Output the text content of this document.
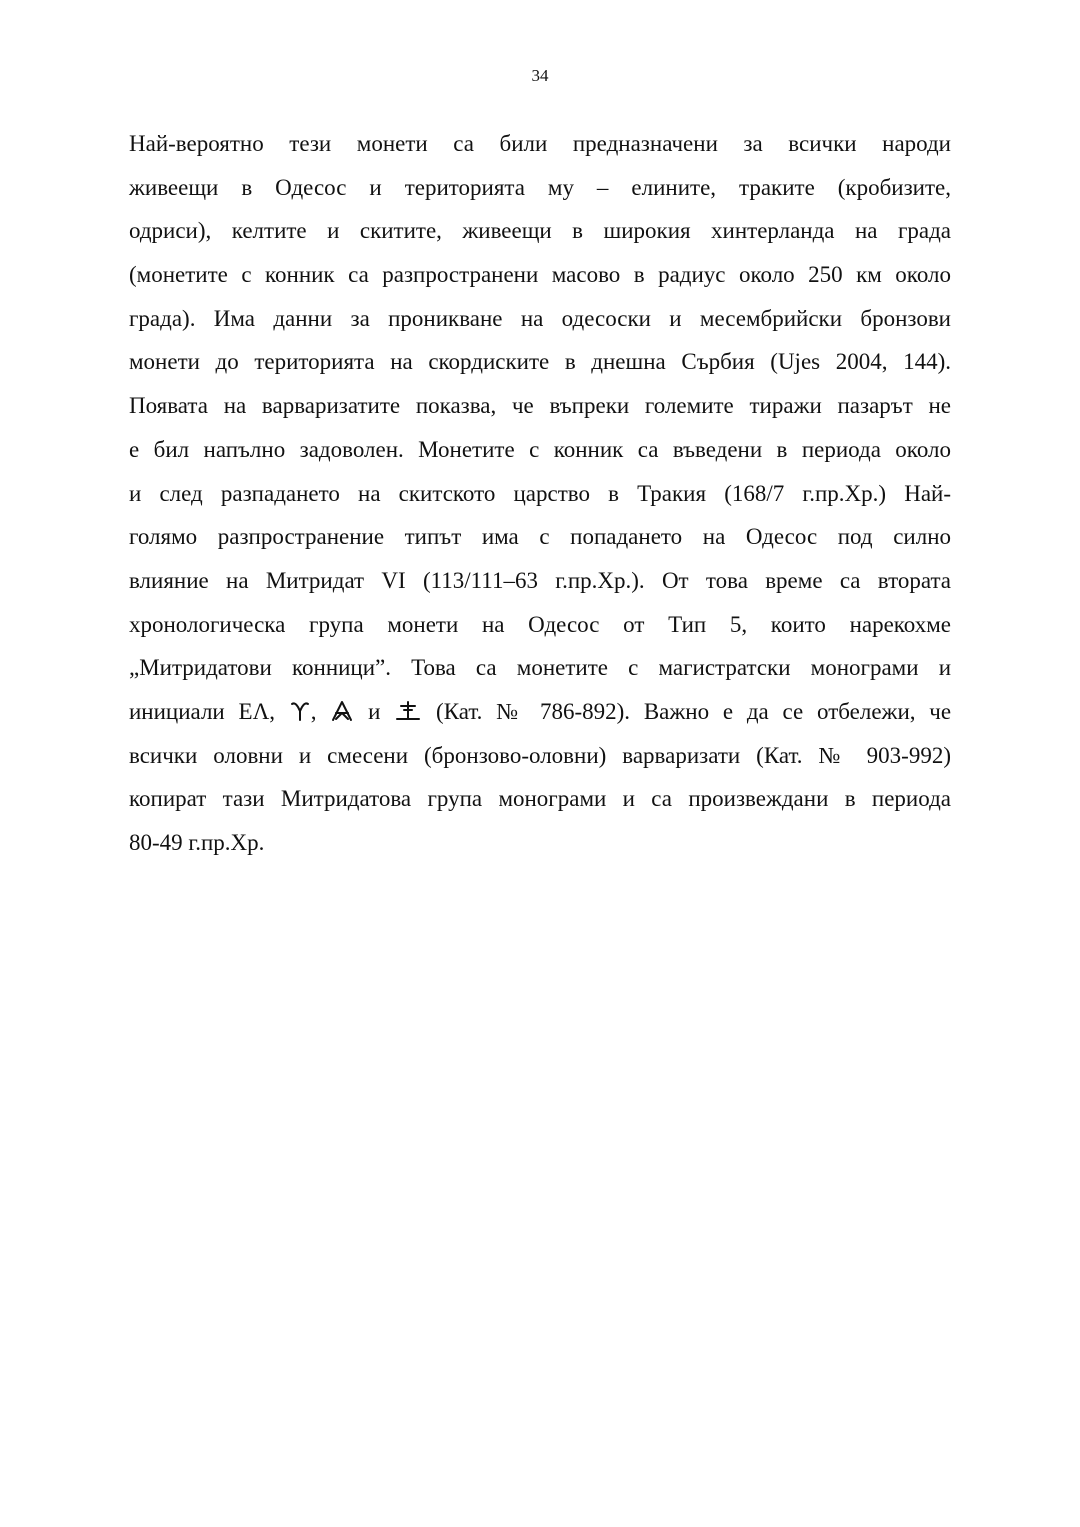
34
Най-вероятно тези монети са били предназначени за всички народи
живеещи в Одесос и територията му – елините, траките (кробизите,
одриси), келтите и скитите, живеещи в широкия хинтерланда на града
(монетите с конник са разпространени масово в радиус около 250 км около
града). Има данни за проникване на одесоски и месембрийски бронзови
монети до територията на скордиските в днешна Сърбия (Ujes 2004, 144).
Появата на варваризатите показва, че въпреки големите тиражи пазарът не
е бил напълно задоволен. Монетите с конник са въведени в периода около
и след разпадането на скитското царство в Тракия (168/7 г.пр.Хр.) Най-
голямо разпространение типът има с попадането на Одесос под силно
влияние на Митридат VI (113/111–63 г.пр.Хр.). От това време са втората
хронологическа група монети на Одесос от Тип 5, които нарекохме
„Митридатови конници”. Това са монетите с магистратски монограми и
инициали ΕΛ, , и (Кат. № 786-892). Важно е да се отбележи, че
всички оловни и смесени (бронзово-оловни) варваризати (Кат. № 903-992)
копират тази Митридатова група монограми и са произвеждани в периода
80-49 г.пр.Хр.
